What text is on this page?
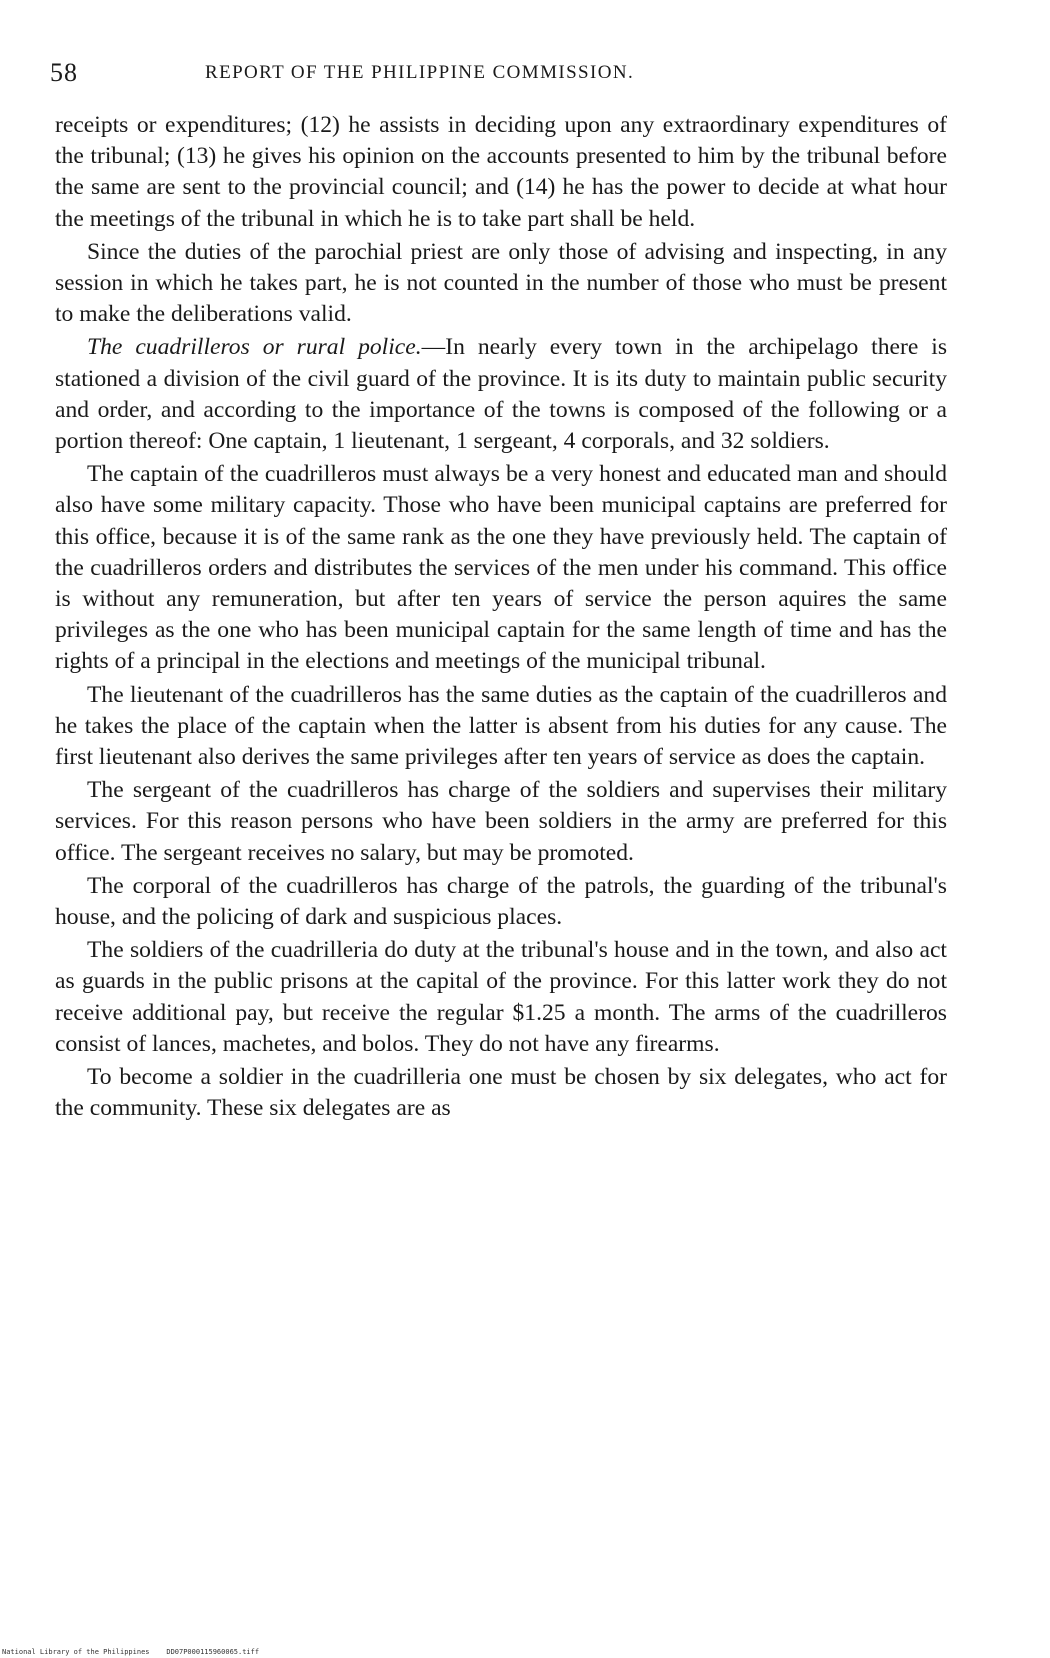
58	REPORT OF THE PHILIPPINE COMMISSION.

receipts or expenditures; (12) he assists in deciding upon any extraordinary expenditures of the tribunal; (13) he gives his opinion on the accounts presented to him by the tribunal before the same are sent to the provincial council; and (14) he has the power to decide at what hour the meetings of the tribunal in which he is to take part shall be held.

Since the duties of the parochial priest are only those of advising and inspecting, in any session in which he takes part, he is not counted in the number of those who must be present to make the deliberations valid.

The cuadrilleros or rural police.—In nearly every town in the archipelago there is stationed a division of the civil guard of the province. It is its duty to maintain public security and order, and according to the importance of the towns is composed of the following or a portion thereof: One captain, 1 lieutenant, 1 sergeant, 4 corporals, and 32 soldiers.

The captain of the cuadrilleros must always be a very honest and educated man and should also have some military capacity. Those who have been municipal captains are preferred for this office, because it is of the same rank as the one they have previously held. The captain of the cuadrilleros orders and distributes the services of the men under his command. This office is without any remuneration, but after ten years of service the person aquires the same privileges as the one who has been municipal captain for the same length of time and has the rights of a principal in the elections and meetings of the municipal tribunal.

The lieutenant of the cuadrilleros has the same duties as the captain of the cuadrilleros and he takes the place of the captain when the latter is absent from his duties for any cause. The first lieutenant also derives the same privileges after ten years of service as does the captain.

The sergeant of the cuadrilleros has charge of the soldiers and supervises their military services. For this reason persons who have been soldiers in the army are preferred for this office. The sergeant receives no salary, but may be promoted.

The corporal of the cuadrilleros has charge of the patrols, the guarding of the tribunal's house, and the policing of dark and suspicious places.

The soldiers of the cuadrilleria do duty at the tribunal's house and in the town, and also act as guards in the public prisons at the capital of the province. For this latter work they do not receive additional pay, but receive the regular $1.25 a month. The arms of the cuadrilleros consist of lances, machetes, and bolos. They do not have any firearms.

To become a soldier in the cuadrilleria one must be chosen by six delegates, who act for the community. These six delegates are as

National Library of the Philippines    DD07P000115960065.tiff
